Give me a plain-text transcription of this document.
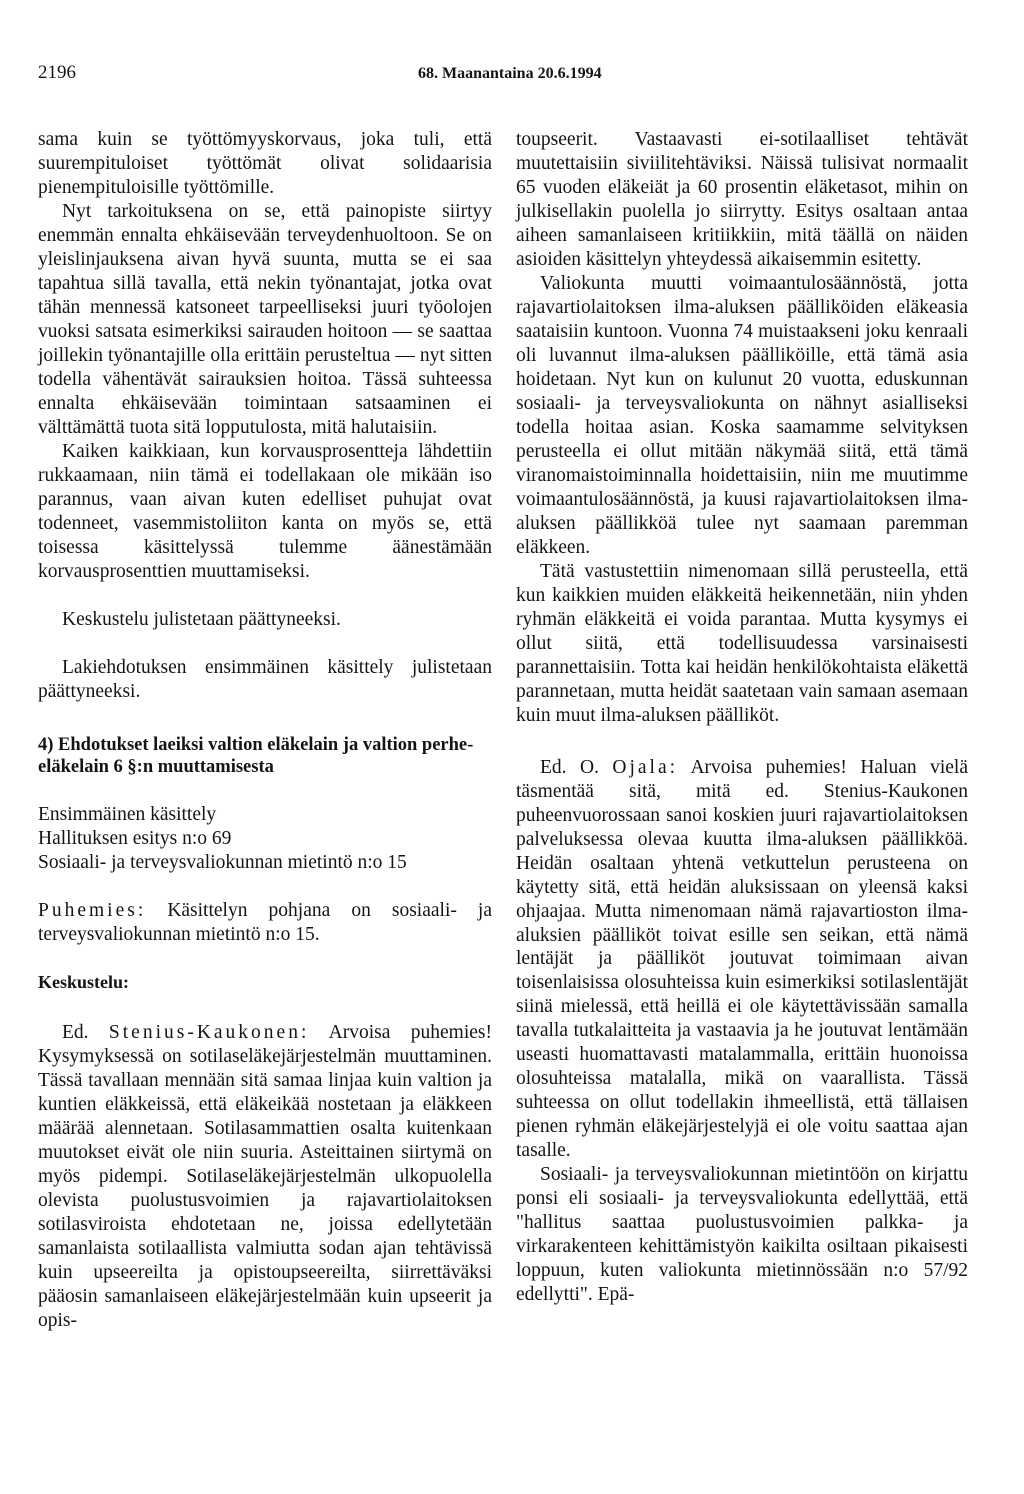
2196	68. Maanantaina 20.6.1994

sama kuin se työttömyyskorvaus, joka tuli, että suurempituloiset työttömät olivat solidaarisia pienempituloisille työttömille.

Nyt tarkoituksena on se, että painopiste siirtyy enemmän ennalta ehkäisevään terveydenhuoltoon. Se on yleislinjauksena aivan hyvä suunta, mutta se ei saa tapahtua sillä tavalla, että nekin työnantajat, jotka ovat tähän mennessä katsoneet tarpeelliseksi juuri työolojen vuoksi satsata esimerkiksi sairauden hoitoon — se saattaa joillekin työnantajille olla erittäin perusteltua — nyt sitten todella vähentävät sairauksien hoitoa. Tässä suhteessa ennalta ehkäisevään toimintaan satsaaminen ei välttämättä tuota sitä lopputulosta, mitä halutaisiin.

Kaiken kaikkiaan, kun korvausprosentteja lähdettiin rukkaamaan, niin tämä ei todellakaan ole mikään iso parannus, vaan aivan kuten edelliset puhujat ovat todenneet, vasemmistoliiton kanta on myös se, että toisessa käsittelyssä tulemme äänestämään korvausprosenttien muuttamiseksi.

Keskustelu julistetaan päättyneeksi.

Lakiehdotuksen ensimmäinen käsittely julistetaan päättyneeksi.

4) Ehdotukset laeiksi valtion eläkelain ja valtion perhe-eläkelain 6 §:n muuttamisesta

Ensimmäinen käsittely

Hallituksen esitys n:o 69

Sosiaali- ja terveysvaliokunnan mietintö n:o 15

Puhemies: Käsittelyn pohjana on sosiaali- ja terveysvaliokunnan mietintö n:o 15.

Keskustelu:

Ed. Stenius-Kaukonen: Arvoisa puhemies! Kysymyksessä on sotilaseläkejärjestelmän muuttaminen. Tässä tavallaan mennään sitä samaa linjaa kuin valtion ja kuntien eläkkeissä, että eläkeikää nostetaan ja eläkkeen määrää alennetaan. Sotilasammattien osalta kuitenkaan muutokset eivät ole niin suuria. Asteittainen siirtymä on myös pidempi. Sotilaseläkejärjestelmän ulkopuolella olevista puolustusvoimien ja rajavartiolaitoksen sotilasviroista ehdotetaan ne, joissa edellytetään samanlaista sotilaallista valmiutta sodan ajan tehtävissä kuin upseereilta ja opistoupseereilta, siirrettäväksi pääosin samanlaiseen eläkejärjestelmään kuin upseerit ja opis-

toupseerit. Vastaavasti ei-sotilaalliset tehtävät muutettaisiin siviilitehtäviksi. Näissä tulisivat normaalit 65 vuoden eläkeiät ja 60 prosentin eläketasot, mihin on julkisellakin puolella jo siirrytty. Esitys osaltaan antaa aiheen samanlaiseen kritiikkiin, mitä täällä on näiden asioiden käsittelyn yhteydessä aikaisemmin esitetty.

Valiokunta muutti voimaantulosäännöstä, jotta rajavartiolaitoksen ilma-aluksen päälliköiden eläkeasia saataisiin kuntoon. Vuonna 74 muistaakseni joku kenraali oli luvannut ilma-aluksen päälliköille, että tämä asia hoidetaan. Nyt kun on kulunut 20 vuotta, eduskunnan sosiaali- ja terveysvaliokunta on nähnyt asialliseksi todella hoitaa asian. Koska saamamme selvityksen perusteella ei ollut mitään näkymää siitä, että tämä viranomaistoiminnalla hoidettaisiin, niin me muutimme voimaantulosäännöstä, ja kuusi rajavartiolaitoksen ilma-aluksen päällikköä tulee nyt saamaan paremman eläkkeen.

Tätä vastustettiin nimenomaan sillä perusteella, että kun kaikkien muiden eläkkeitä heikennetään, niin yhden ryhmän eläkkeitä ei voida parantaa. Mutta kysymys ei ollut siitä, että todellisuudessa varsinaisesti parannettaisiin. Totta kai heidän henkilökohtaista eläkettä parannetaan, mutta heidät saatetaan vain samaan asemaan kuin muut ilma-aluksen päälliköt.

Ed. O. Ojala: Arvoisa puhemies! Haluan vielä täsmentää sitä, mitä ed. Stenius-Kaukonen puheenvuorossaan sanoi koskien juuri rajavartiolaitoksen palveluksessa olevaa kuutta ilma-aluksen päällikköä. Heidän osaltaan yhtenä vetkuttelun perusteena on käytetty sitä, että heidän aluksissaan on yleensä kaksi ohjaajaa. Mutta nimenomaan nämä rajavartioston ilma-aluksien päälliköt toivat esille sen seikan, että nämä lentäjät ja päälliköt joutuvat toimimaan aivan toisenlaisissa olosuhteissa kuin esimerkiksi sotilaslentäjät siinä mielessä, että heillä ei ole käytettävissään samalla tavalla tutkalaitteita ja vastaavia ja he joutuvat lentämään useasti huomattavasti matalammalla, erittäin huonoissa olosuhteissa matalalla, mikä on vaarallista. Tässä suhteessa on ollut todellakin ihmeellistä, että tällaisen pienen ryhmän eläkejärjestelyjä ei ole voitu saattaa ajan tasalle.

Sosiaali- ja terveysvaliokunnan mietintöön on kirjattu ponsi eli sosiaali- ja terveysvaliokunta edellyttää, että "hallitus saattaa puolustusvoimien palkka- ja virkarakenteen kehittämistyön kaikilta osiltaan pikaisesti loppuun, kuten valiokunta mietinnössään n:o 57/92 edellytti". Epä-
